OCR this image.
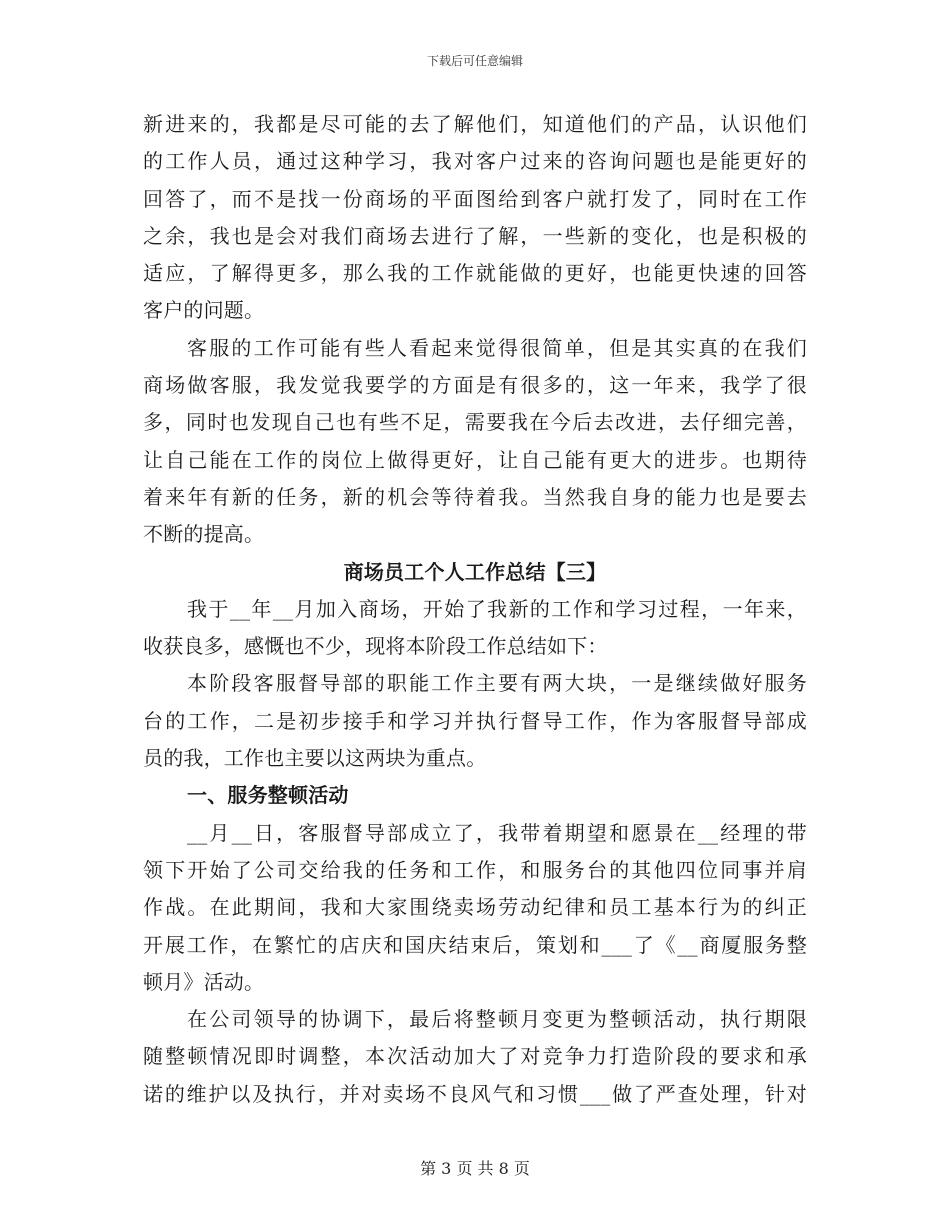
下载后可任意编辑
新进来的，我都是尽可能的去了解他们，知道他们的产品，认识他们
的工作人员，通过这种学习，我对客户过来的咨询问题也是能更好的
回答了，而不是找一份商场的平面图给到客户就打发了，同时在工作
之余，我也是会对我们商场去进行了解，一些新的变化，也是积极的
适应，了解得更多，那么我的工作就能做的更好，也能更快速的回答
客户的问题。
客服的工作可能有些人看起来觉得很简单，但是其实真的在我们
商场做客服，我发觉我要学的方面是有很多的，这一年来，我学了很
多，同时也发现自己也有些不足，需要我在今后去改进，去仔细完善，
让自己能在工作的岗位上做得更好，让自己能有更大的进步。也期待
着来年有新的任务，新的机会等待着我。当然我自身的能力也是要去
不断的提高。
商场员工个人工作总结【三】
我于__年__月加入商场，开始了我新的工作和学习过程，一年来，
收获良多，感慨也不少，现将本阶段工作总结如下：
本阶段客服督导部的职能工作主要有两大块，一是继续做好服务
台的工作，二是初步接手和学习并执行督导工作，作为客服督导部成
员的我，工作也主要以这两块为重点。
一、服务整顿活动
__月__日，客服督导部成立了，我带着期望和愿景在__经理的带
领下开始了公司交给我的任务和工作，和服务台的其他四位同事并肩
作战。在此期间，我和大家围绕卖场劳动纪律和员工基本行为的纠正
开展工作，在繁忙的店庆和国庆结束后，策划和___了《__商厦服务整
顿月》活动。
在公司领导的协调下，最后将整顿月变更为整顿活动，执行期限
随整顿情况即时调整，本次活动加大了对竞争力打造阶段的要求和承
诺的维护以及执行，并对卖场不良风气和习惯___做了严查处理，针对
第 3 页 共 8 页
